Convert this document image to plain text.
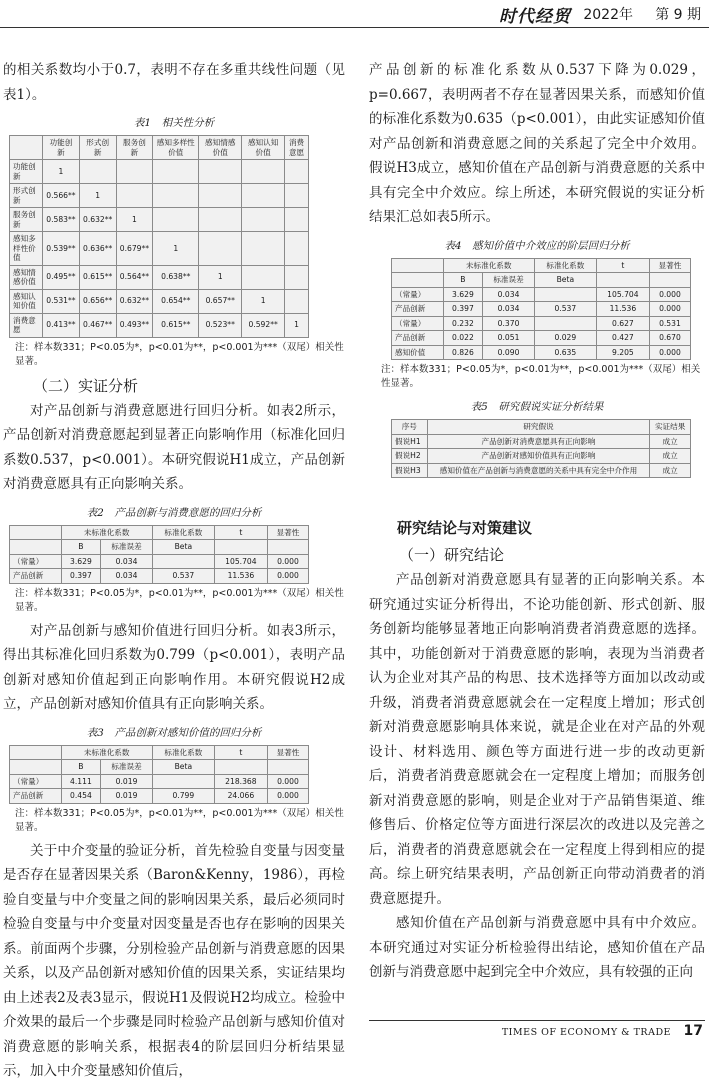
时代经贸 2022年 第 9 期

的相关系数均小于0.7，表明不存在多重共线性问题（见表1）。

表1　相关性分析
	功能创新	形式创新	服务创新	感知多样性价值	感知情感价值	感知认知价值	消费意愿
功能创新	1						
形式创新	0.566**	1					
服务创新	0.583**	0.632**	1				
感知多样性价值	0.539**	0.636**	0.679**	1			
感知情感价值	0.495**	0.615**	0.564**	0.638**	1		
感知认知价值	0.531**	0.656**	0.632**	0.654**	0.657**	1	
消费意愿	0.413**	0.467**	0.493**	0.615**	0.523**	0.592**	1
注：样本数331；P<0.05为*，p<0.01为**，p<0.001为***（双尾）相关性显著。
（二）实证分析

对产品创新与消费意愿进行回归分析。如表2所示，产品创新对消费意愿起到显著正向影响作用（标准化回归系数0.537，p<0.001）。本研究假说H1成立，产品创新对消费意愿具有正向影响关系。

表2　产品创新与消费意愿的回归分析
	未标准化系数		标准化系数	t	显著性
	B	标准误差	Beta		
（常量）	3.629	0.034		105.704	0.000
产品创新	0.397	0.034	0.537	11.536	0.000
注：样本数331；P<0.05为*，p<0.01为**，p<0.001为***（双尾）相关性显著。

对产品创新与感知价值进行回归分析。如表3所示，得出其标准化回归系数为0.799（p<0.001），表明产品创新对感知价值起到正向影响作用。本研究假说H2成立，产品创新对感知价值具有正向影响关系。

表3　产品创新对感知价值的回归分析
	未标准化系数		标准化系数	t	显著性
	B	标准误差	Beta		
（常量）	4.111	0.019		218.368	0.000
产品创新	0.454	0.019	0.799	24.066	0.000
注：样本数331；P<0.05为*，p<0.01为**，p<0.001为***（双尾）相关性显著。

关于中介变量的验证分析，首先检验自变量与因变量是否存在显著因果关系（Baron&Kenny，1986），再检验自变量与中介变量之间的影响因果关系，最后必须同时检验自变量与中介变量对因变量是否也存在影响的因果关系。前面两个步骤，分别检验产品创新与消费意愿的因果关系，以及产品创新对感知价值的因果关系，实证结果均由上述表2及表3显示，假说H1及假说H2均成立。检验中介效果的最后一个步骤是同时检验产品创新与感知价值对消费意愿的影响关系，根据表4的阶层回归分析结果显示，加入中介变量感知价值后，

产品创新的标准化系数从0.537下降为0.029，p=0.667，表明两者不存在显著因果关系，而感知价值的标准化系数为0.635（p<0.001），由此实证感知价值对产品创新和消费意愿之间的关系起了完全中介效用。假说H3成立，感知价值在产品创新与消费意愿的关系中具有完全中介效应。综上所述，本研究假说的实证分析结果汇总如表5所示。

表4　感知价值中介效应的阶层回归分析
	未标准化系数		标准化系数	t	显著性
	B	标准误差	Beta		
（常量）	3.629	0.034		105.704	0.000
产品创新	0.397	0.034	0.537	11.536	0.000
（常量）	0.232	0.370		0.627	0.531
产品创新	0.022	0.051	0.029	0.427	0.670
感知价值	0.826	0.090	0.635	9.205	0.000
注：样本数331；P<0.05为*，p<0.01为**，p<0.001为***（双尾）相关性显著。
表5　研究假说实证分析结果
序号	研究假说	实证结果
假说H1	产品创新对消费意愿具有正向影响	成立
假说H2	产品创新对感知价值具有正向影响	成立
假说H3	感知价值在产品创新与消费意愿的关系中具有完全中介作用	成立
研究结论与对策建议
（一）研究结论

产品创新对消费意愿具有显著的正向影响关系。本研究通过实证分析得出，不论功能创新、形式创新、服务创新均能够显著地正向影响消费者消费意愿的选择。其中，功能创新对于消费意愿的影响，表现为当消费者认为企业对其产品的构思、技术选择等方面加以改动或升级，消费者消费意愿就会在一定程度上增加；形式创新对消费意愿影响具体来说，就是企业在对产品的外观设计、材料选用、颜色等方面进行进一步的改动更新后，消费者消费意愿就会在一定程度上增加；而服务创新对消费意愿的影响，则是企业对于产品销售渠道、维修售后、价格定位等方面进行深层次的改进以及完善之后，消费者的消费意愿就会在一定程度上得到相应的提高。综上研究结果表明，产品创新正向带动消费者的消费意愿提升。

感知价值在产品创新与消费意愿中具有中介效应。本研究通过对实证分析检验得出结论，感知价值在产品创新与消费意愿中起到完全中介效应，具有较强的正向

TIMES OF ECONOMY & TRADE 17
